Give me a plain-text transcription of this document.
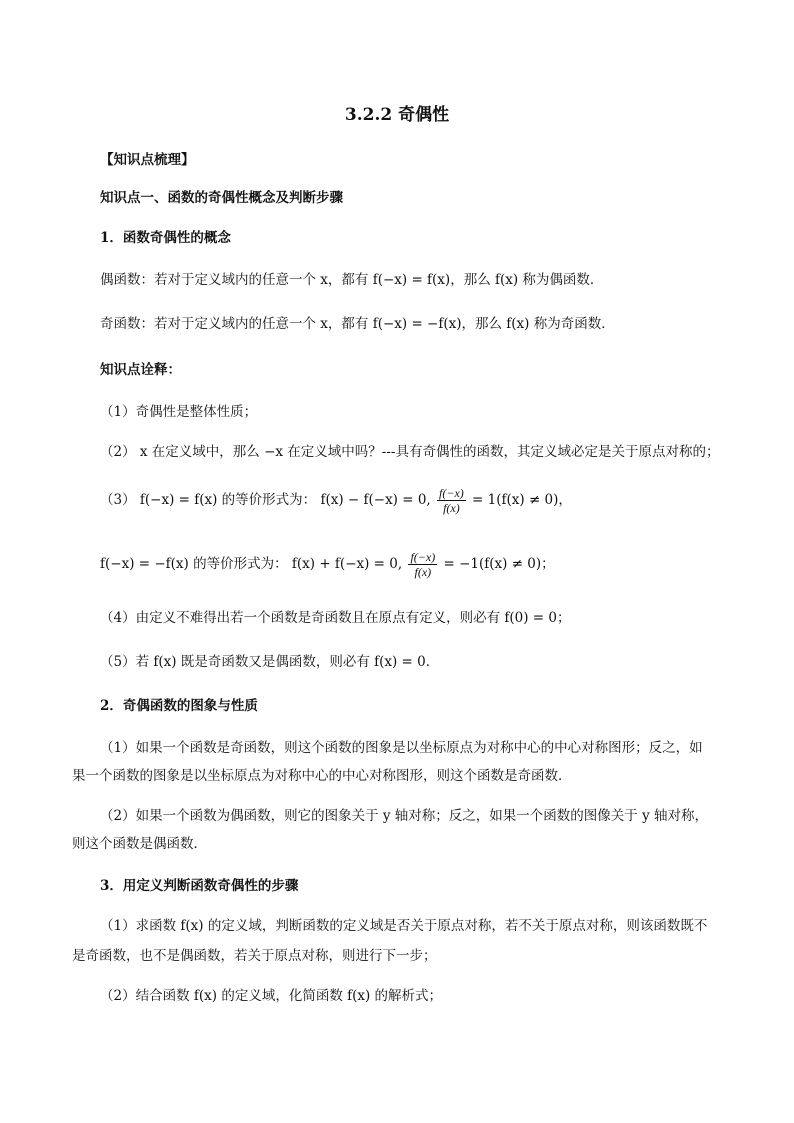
3.2.2 奇偶性
【知识点梳理】
知识点一、函数的奇偶性概念及判断步骤
1．函数奇偶性的概念
偶函数：若对于定义域内的任意一个 x，都有 f(−x) = f(x)，那么 f(x) 称为偶函数．
奇函数：若对于定义域内的任意一个 x，都有 f(−x) = −f(x)，那么 f(x) 称为奇函数．
知识点诠释：
（1）奇偶性是整体性质；
（2） x 在定义域中，那么 −x 在定义域中吗？---具有奇偶性的函数，其定义域必定是关于原点对称的；
（3） f(−x) = f(x) 的等价形式为： f(x) − f(−x) = 0, $\frac{f(-x)}{f(x)} = 1(f(x) \ne 0)$，
f(−x) = −f(x) 的等价形式为： f(x) + f(−x) = 0, $\frac{f(-x)}{f(x)} = -1(f(x) \ne 0)$；
（4）由定义不难得出若一个函数是奇函数且在原点有定义，则必有 f(0) = 0；
（5）若 f(x) 既是奇函数又是偶函数，则必有 f(x) = 0．
2．奇偶函数的图象与性质
（1）如果一个函数是奇函数，则这个函数的图象是以坐标原点为对称中心的中心对称图形；反之，如
果一个函数的图象是以坐标原点为对称中心的中心对称图形，则这个函数是奇函数．
（2）如果一个函数为偶函数，则它的图象关于 y 轴对称；反之，如果一个函数的图像关于 y 轴对称，
则这个函数是偶函数．
3．用定义判断函数奇偶性的步骤
（1）求函数 f(x) 的定义域，判断函数的定义域是否关于原点对称，若不关于原点对称，则该函数既不
是奇函数，也不是偶函数，若关于原点对称，则进行下一步；
（2）结合函数 f(x) 的定义域，化简函数 f(x) 的解析式；
